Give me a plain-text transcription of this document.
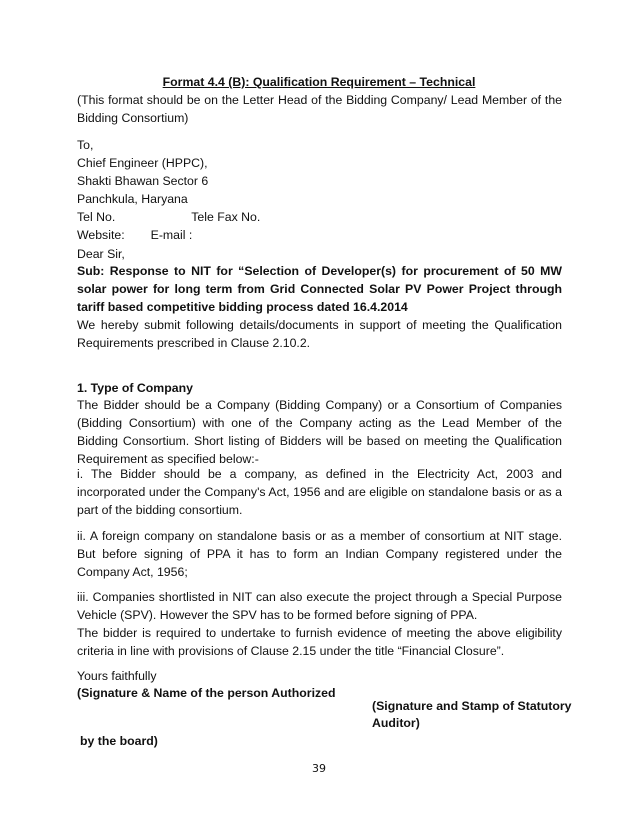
Format 4.4 (B): Qualification Requirement – Technical

(This format should be on the Letter Head of the Bidding Company/ Lead Member of the Bidding Consortium)

To,

Chief Engineer (HPPC),
Shakti Bhawan Sector 6
Panchkula, Haryana
Tel No.	Tele Fax No.
Website: E-mail :

Dear Sir,

Sub: Response to NIT for “Selection of Developer(s) for procurement of 50 MW solar power for long term from Grid Connected Solar PV Power Project through tariff based competitive bidding process dated 16.4.2014

We hereby submit following details/documents in support of meeting the Qualification Requirements prescribed in Clause 2.10.2.

1. Type of Company

The Bidder should be a Company (Bidding Company) or a Consortium of Companies (Bidding Consortium) with one of the Company acting as the Lead Member of the Bidding Consortium. Short listing of Bidders will be based on meeting the Qualification Requirement as specified below:-

i. The Bidder should be a company, as defined in the Electricity Act, 2003 and incorporated under the Company's Act, 1956 and are eligible on standalone basis or as a part of the bidding consortium.

ii. A foreign company on standalone basis or as a member of consortium at NIT stage. But before signing of PPA it has to form an Indian Company registered under the Company Act, 1956;

iii. Companies shortlisted in NIT can also execute the project through a Special Purpose Vehicle (SPV). However the SPV has to be formed before signing of PPA.

The bidder is required to undertake to furnish evidence of meeting the above eligibility criteria in line with provisions of Clause 2.15 under the title “Financial Closure”.

Yours faithfully

(Signature & Name of the person Authorized

(Signature and Stamp of Statutory

Auditor)

by the board)

39
